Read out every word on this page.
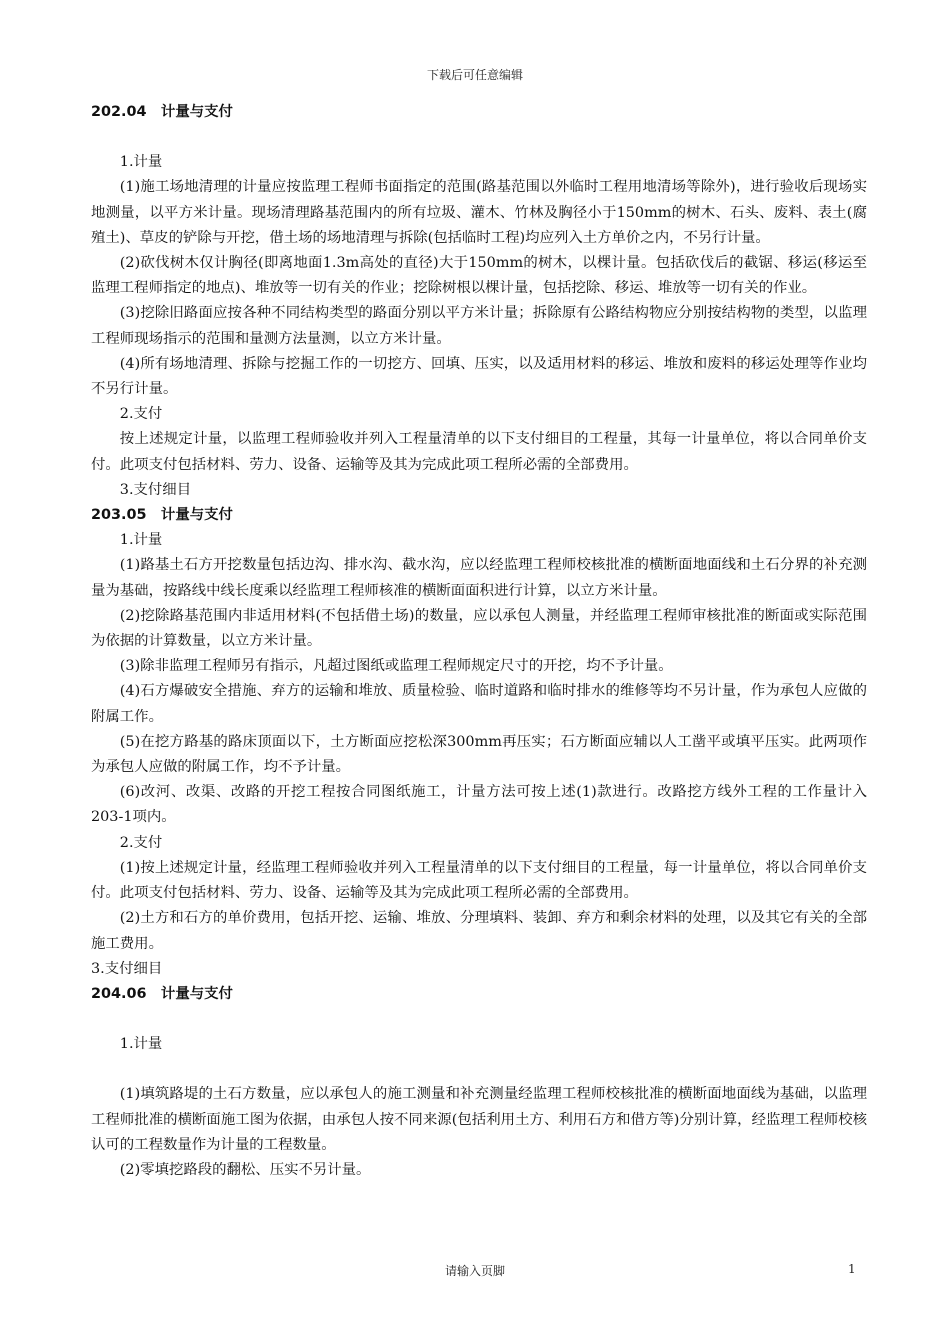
下载后可任意编辑

202.04　计量与支付

1.计量

(1)施工场地清理的计量应按监理工程师书面指定的范围(路基范围以外临时工程用地清场等除外)，进行验收后现场实地测量，以平方米计量。现场清理路基范围内的所有垃圾、灌木、竹林及胸径小于150mm的树木、石头、废料、表土(腐殖土)、草皮的铲除与开挖，借土场的场地清理与拆除(包括临时工程)均应列入土方单价之内，不另行计量。

(2)砍伐树木仅计胸径(即离地面1.3m高处的直径)大于150mm的树木，以棵计量。包括砍伐后的截锯、移运(移运至监理工程师指定的地点)、堆放等一切有关的作业；挖除树根以棵计量，包括挖除、移运、堆放等一切有关的作业。

(3)挖除旧路面应按各种不同结构类型的路面分别以平方米计量；拆除原有公路结构物应分别按结构物的类型，以监理工程师现场指示的范围和量测方法量测，以立方米计量。

(4)所有场地清理、拆除与挖掘工作的一切挖方、回填、压实，以及适用材料的移运、堆放和废料的移运处理等作业均不另行计量。

2.支付

按上述规定计量，以监理工程师验收并列入工程量清单的以下支付细目的工程量，其每一计量单位，将以合同单价支付。此项支付包括材料、劳力、设备、运输等及其为完成此项工程所必需的全部费用。

3.支付细目

203.05　计量与支付

1.计量

(1)路基土石方开挖数量包括边沟、排水沟、截水沟，应以经监理工程师校核批准的横断面地面线和土石分界的补充测量为基础，按路线中线长度乘以经监理工程师核准的横断面面积进行计算，以立方米计量。

(2)挖除路基范围内非适用材料(不包括借土场)的数量，应以承包人测量，并经监理工程师审核批准的断面或实际范围为依据的计算数量，以立方米计量。

(3)除非监理工程师另有指示，凡超过图纸或监理工程师规定尺寸的开挖，均不予计量。

(4)石方爆破安全措施、弃方的运输和堆放、质量检验、临时道路和临时排水的维修等均不另计量，作为承包人应做的附属工作。

(5)在挖方路基的路床顶面以下，土方断面应挖松深300mm再压实；石方断面应辅以人工凿平或填平压实。此两项作为承包人应做的附属工作，均不予计量。

(6)改河、改渠、改路的开挖工程按合同图纸施工，计量方法可按上述(1)款进行。改路挖方线外工程的工作量计入203-1项内。

2.支付

(1)按上述规定计量，经监理工程师验收并列入工程量清单的以下支付细目的工程量，每一计量单位，将以合同单价支付。此项支付包括材料、劳力、设备、运输等及其为完成此项工程所必需的全部费用。

(2)土方和石方的单价费用，包括开挖、运输、堆放、分理填料、装卸、弃方和剩余材料的处理，以及其它有关的全部施工费用。

3.支付细目

204.06　计量与支付

1.计量

(1)填筑路堤的土石方数量，应以承包人的施工测量和补充测量经监理工程师校核批准的横断面地面线为基础，以监理工程师批准的横断面施工图为依据，由承包人按不同来源(包括利用土方、利用石方和借方等)分别计算，经监理工程师校核认可的工程数量作为计量的工程数量。

(2)零填挖路段的翻松、压实不另计量。

请输入页脚	1
